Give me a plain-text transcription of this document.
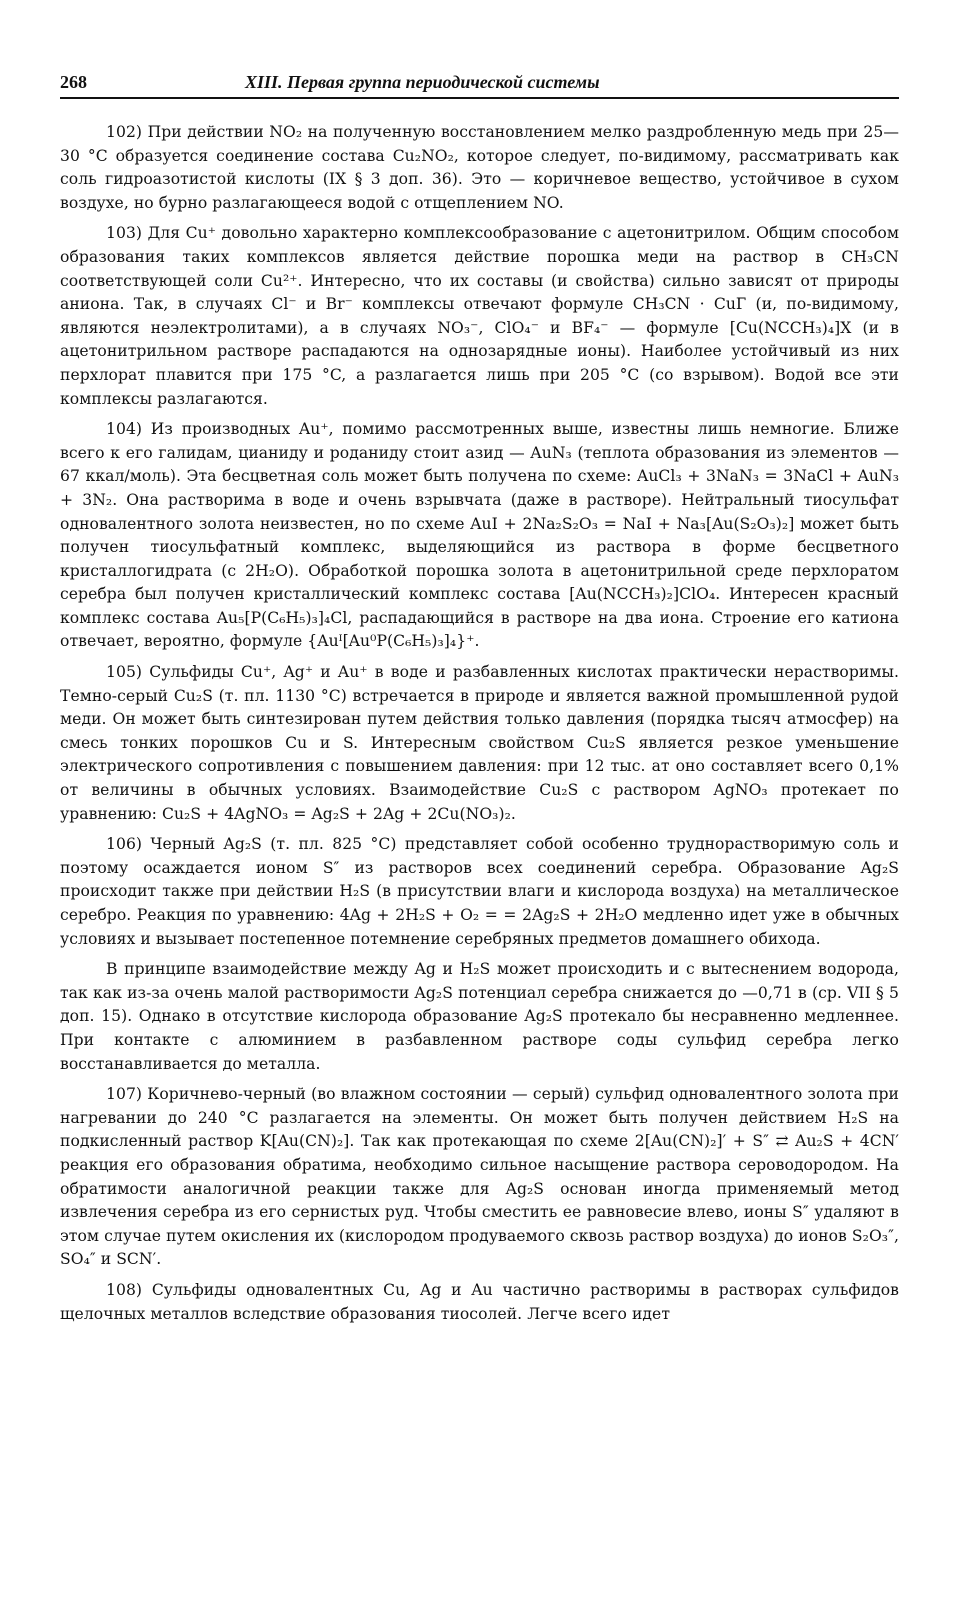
268	XIII. Первая группа периодической системы

102) При действии NO₂ на полученную восстановлением мелко раздробленную медь при 25—30 °C образуется соединение состава Cu₂NO₂, которое следует, по-видимому, рассматривать как соль гидроазотистой кислоты (IX § 3 доп. 36). Это — коричневое вещество, устойчивое в сухом воздухе, но бурно разлагающееся водой с отщеплением NO.

103) Для Cu⁺ довольно характерно комплексообразование с ацетонитрилом. Общим способом образования таких комплексов является действие порошка меди на раствор в CH₃CN соответствующей соли Cu²⁺. Интересно, что их составы (и свойства) сильно зависят от природы аниона. Так, в случаях Cl⁻ и Br⁻ комплексы отвечают формуле CH₃CN · CuГ (и, по-видимому, являются неэлектролитами), а в случаях NO₃⁻, ClO₄⁻ и BF₄⁻ — формуле [Cu(NCCH₃)₄]X (и в ацетонитрильном растворе распадаются на однозарядные ионы). Наиболее устойчивый из них перхлорат плавится при 175 °C, а разлагается лишь при 205 °C (со взрывом). Водой все эти комплексы разлагаются.

104) Из производных Au⁺, помимо рассмотренных выше, известны лишь немногие. Ближе всего к его галидам, цианиду и роданиду стоит азид — AuN₃ (теплота образования из элементов —67 ккал/моль). Эта бесцветная соль может быть получена по схеме: AuCl₃ + 3NaN₃ = 3NaCl + AuN₃ + 3N₂. Она растворима в воде и очень взрывчата (даже в растворе). Нейтральный тиосульфат одновалентного золота неизвестен, но по схеме AuI + 2Na₂S₂O₃ = NaI + Na₃[Au(S₂O₃)₂] может быть получен тиосульфатный комплекс, выделяющийся из раствора в форме бесцветного кристаллогидрата (с 2H₂O). Обработкой порошка золота в ацетонитрильной среде перхлоратом серебра был получен кристаллический комплекс состава [Au(NCCH₃)₂]ClO₄. Интересен красный комплекс состава Au₅[P(C₆H₅)₃]₄Cl, распадающийся в растворе на два иона. Строение его катиона отвечает, вероятно, формуле {Auᴵ[Au⁰P(C₆H₅)₃]₄}⁺.

105) Сульфиды Cu⁺, Ag⁺ и Au⁺ в воде и разбавленных кислотах практически нерастворимы. Темно-серый Cu₂S (т. пл. 1130 °C) встречается в природе и является важной промышленной рудой меди. Он может быть синтезирован путем действия только давления (порядка тысяч атмосфер) на смесь тонких порошков Cu и S. Интересным свойством Cu₂S является резкое уменьшение электрического сопротивления с повышением давления: при 12 тыс. ат оно составляет всего 0,1% от величины в обычных условиях. Взаимодействие Cu₂S с раствором AgNO₃ протекает по уравнению: Cu₂S + 4AgNO₃ = Ag₂S + 2Ag + 2Cu(NO₃)₂.

106) Черный Ag₂S (т. пл. 825 °C) представляет собой особенно труднорастворимую соль и поэтому осаждается ионом S″ из растворов всех соединений серебра. Образование Ag₂S происходит также при действии H₂S (в присутствии влаги и кислорода воздуха) на металлическое серебро. Реакция по уравнению: 4Ag + 2H₂S + O₂ = = 2Ag₂S + 2H₂O медленно идет уже в обычных условиях и вызывает постепенное потемнение серебряных предметов домашнего обихода.

В принципе взаимодействие между Ag и H₂S может происходить и с вытеснением водорода, так как из-за очень малой растворимости Ag₂S потенциал серебра снижается до —0,71 в (ср. VII § 5 доп. 15). Однако в отсутствие кислорода образование Ag₂S протекало бы несравненно медленнее. При контакте с алюминием в разбавленном растворе соды сульфид серебра легко восстанавливается до металла.

107) Коричнево-черный (во влажном состоянии — серый) сульфид одновалентного золота при нагревании до 240 °C разлагается на элементы. Он может быть получен действием H₂S на подкисленный раствор K[Au(CN)₂]. Так как протекающая по схеме 2[Au(CN)₂]′ + S″ ⇄ Au₂S + 4CN′ реакция его образования обратима, необходимо сильное насыщение раствора сероводородом. На обратимости аналогичной реакции также для Ag₂S основан иногда применяемый метод извлечения серебра из его сернистых руд. Чтобы сместить ее равновесие влево, ионы S″ удаляют в этом случае путем окисления их (кислородом продуваемого сквозь раствор воздуха) до ионов S₂O₃″, SO₄″ и SCN′.

108) Сульфиды одновалентных Cu, Ag и Au частично растворимы в растворах сульфидов щелочных металлов вследствие образования тиосолей. Легче всего идет
